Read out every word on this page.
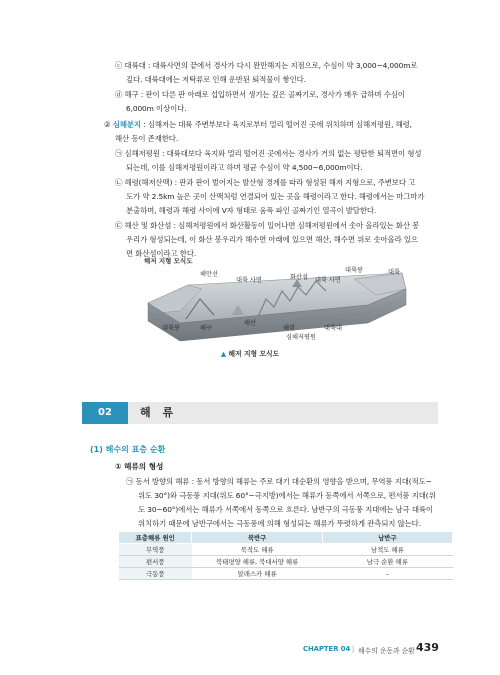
ⓒ 대륙대 : 대륙사면의 끝에서 경사가 다시 완만해지는 지점으로, 수심이 약 3,000~4,000m로
깊다. 대륙대에는 저탁류로 인해 운반된 퇴적물이 쌓인다.
ⓓ 해구 : 판이 다른 판 아래로 섭입하면서 생기는 깊은 골짜기로, 경사가 매우 급하며 수심이
6,000m 이상이다.
② 심해분지 : 심해저는 대륙 주변부보다 육지로부터 멀리 떨어진 곳에 위치하며 심해저평원, 해령,
해산 등이 존재한다.
㉠ 심해저평원 : 대륙대보다 육지와 멀리 떨어진 곳에서는 경사가 거의 없는 평탄한 퇴적면이 형성
되는데, 이를 심해저평원이라고 하며 평균 수심이 약 4,500~6,000m이다.
㉡ 해령(해저산맥) : 판과 판이 벌어지는 발산형 경계를 따라 형성된 해저 지형으로, 주변보다 고
도가 약 2.5km 높은 곳이 산맥처럼 연결되어 있는 곳을 해령이라고 한다. 해령에서는 마그마가
분출하며, 해령과 해령 사이에 V자 형태로 움푹 파인 골짜기인 열곡이 발달한다.
㉢ 해산 및 화산섬 : 심해저평원에서 화산활동이 일어나면 심해저평원에서 솟아 올라있는 화산 봉
우리가 형성되는데, 이 화산 봉우리가 해수면 아래에 있으면 해산, 해수면 위로 솟아올라 있으
면 화산섬이라고 한다.
해저 지형 모식도
해안선
대륙 사면	화산섬
대륙붕
대륙 사면
대륙
대륙붕	해구
해산
해령	대륙대
심해저평원
▲ 해저 지형 모식도
02	해 류
(1) 해수의 표층 순환
① 해류의 형성
㉠ 동서 방향의 해류 : 동서 방향의 해류는 주로 대기 대순환의 영향을 받으며, 무역풍 지대(적도~
위도 30°)와 극동풍 지대(위도 60°~극지방)에서는 해류가 동쪽에서 서쪽으로, 편서풍 지대(위
도 30~60°)에서는 해류가 서쪽에서 동쪽으로 흐른다. 남반구의 극동풍 지대에는 남극 대륙이
위치하기 때문에 남반구에서는 극동풍에 의해 형성되는 해류가 뚜렷하게 관측되지 않는다.
표층해류 원인	북반구	남반구
무역풍	북적도 해류	남적도 해류
편서풍	북태평양 해류, 북대서양 해류	남극 순환 해류
극동풍	알래스카 해류	–
CHAPTER 04 | 해수의 운동과 순환 439
